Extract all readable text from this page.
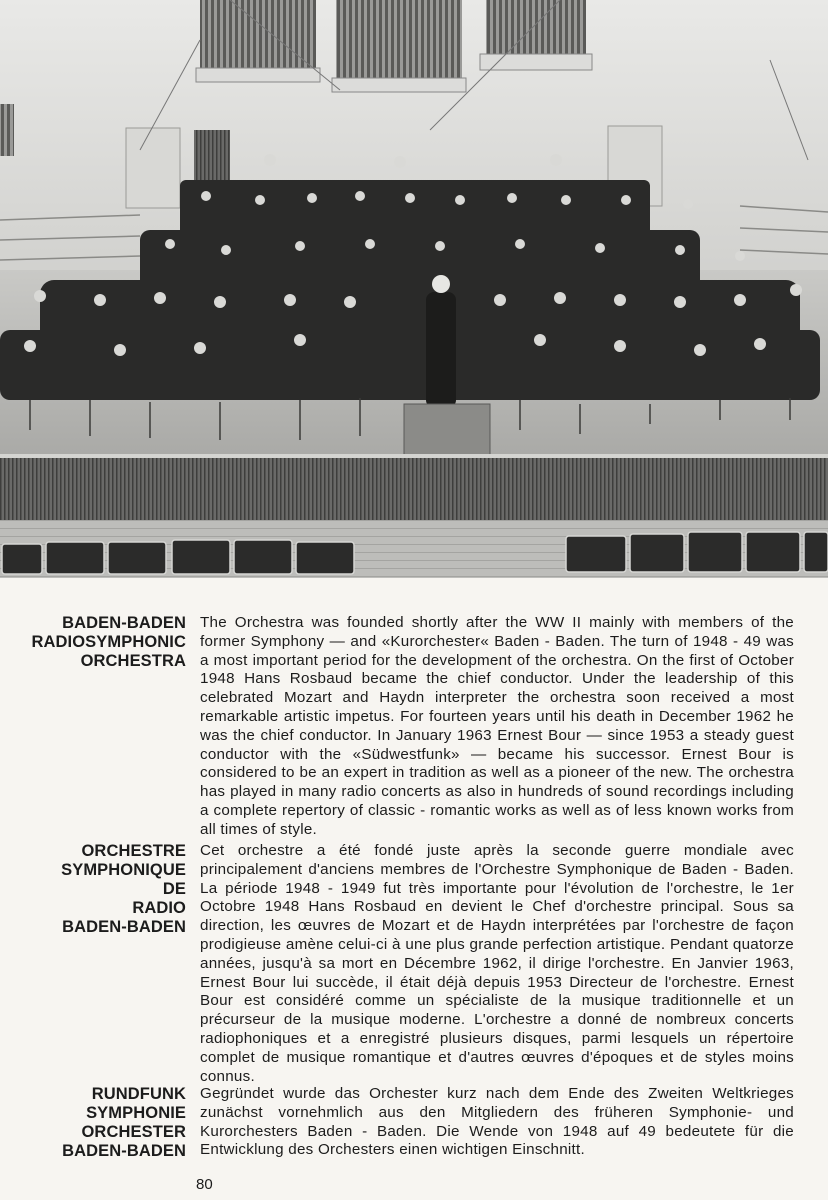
BADEN-BADEN
RADIOSYMPHONIC
ORCHESTRA
The Orchestra was founded shortly after the WW II mainly with members of the former Symphony — and «Kurorchester« Baden - Baden. The turn of 1948 - 49 was a most important period for the development of the orchestra. On the first of October 1948 Hans Rosbaud became the chief conductor. Under the leadership of this celebrated Mozart and Haydn interpreter the orchestra soon received a most remarkable artistic impetus. For fourteen years until his death in December 1962 he was the chief conductor. In January 1963 Ernest Bour — since 1953 a steady guest conductor with the «Südwestfunk» — became his successor. Ernest Bour is considered to be an expert in tradition as well as a pioneer of the new. The orchestra has played in many radio concerts as also in hundreds of sound recordings including a complete repertory of classic - romantic works as well as of less known works from all times of style.
ORCHESTRE
SYMPHONIQUE
DE
RADIO
BADEN-BADEN
Cet orchestre a été fondé juste après la seconde guerre mondiale avec principalement d'anciens membres de l'Orchestre Symphonique de Baden - Baden. La période 1948 - 1949 fut très importante pour l'évolution de l'orchestre, le 1er Octobre 1948 Hans Rosbaud en devient le Chef d'orchestre principal. Sous sa direction, les œuvres de Mozart et de Haydn interprétées par l'orchestre de façon prodigieuse amène celui-ci à une plus grande perfection artistique. Pendant quatorze années, jusqu'à sa mort en Décembre 1962, il dirige l'orchestre. En Janvier 1963, Ernest Bour lui succède, il était déjà depuis 1953 Directeur de l'orchestre. Ernest Bour est considéré comme un spécialiste de la musique traditionnelle et un précurseur de la musique moderne. L'orchestre a donné de nombreux concerts radiophoniques et a enregistré plusieurs disques, parmi lesquels un répertoire complet de musique romantique et d'autres œuvres d'époques et de styles moins connus.
RUNDFUNK
SYMPHONIE
ORCHESTER
BADEN-BADEN
Gegründet wurde das Orchester kurz nach dem Ende des Zweiten Weltkrieges zunächst vornehmlich aus den Mitgliedern des früheren Symphonie- und Kurorchesters Baden - Baden. Die Wende von 1948 auf 49 bedeutete für die Entwicklung des Orchesters einen wichtigen Einschnitt.
80
